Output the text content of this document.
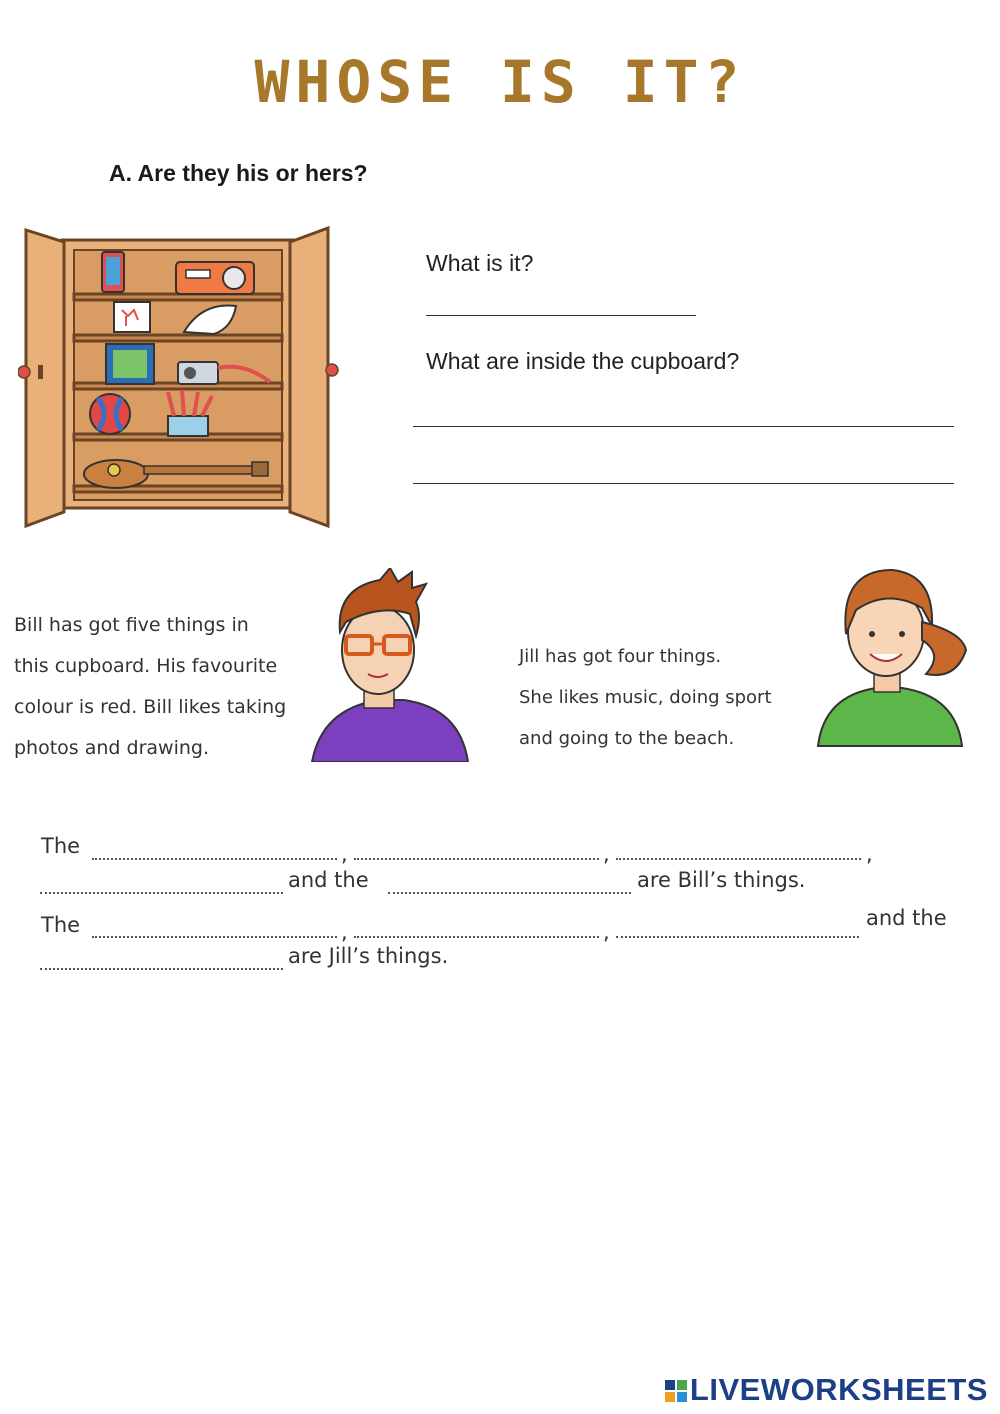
WHOSE IS IT?
A. Are they his or hers?
What is it?
What are inside the cupboard?
Bill has got five things in
this cupboard. His favourite
colour is red. Bill likes taking
photos and drawing.
Jill has got four things.
She likes music, doing sport
and going to the beach.
The	,	,	,
and the	are Bill’s things.
The	,	,
and the
are Jill’s things.
LIVEWORKSHEETS
